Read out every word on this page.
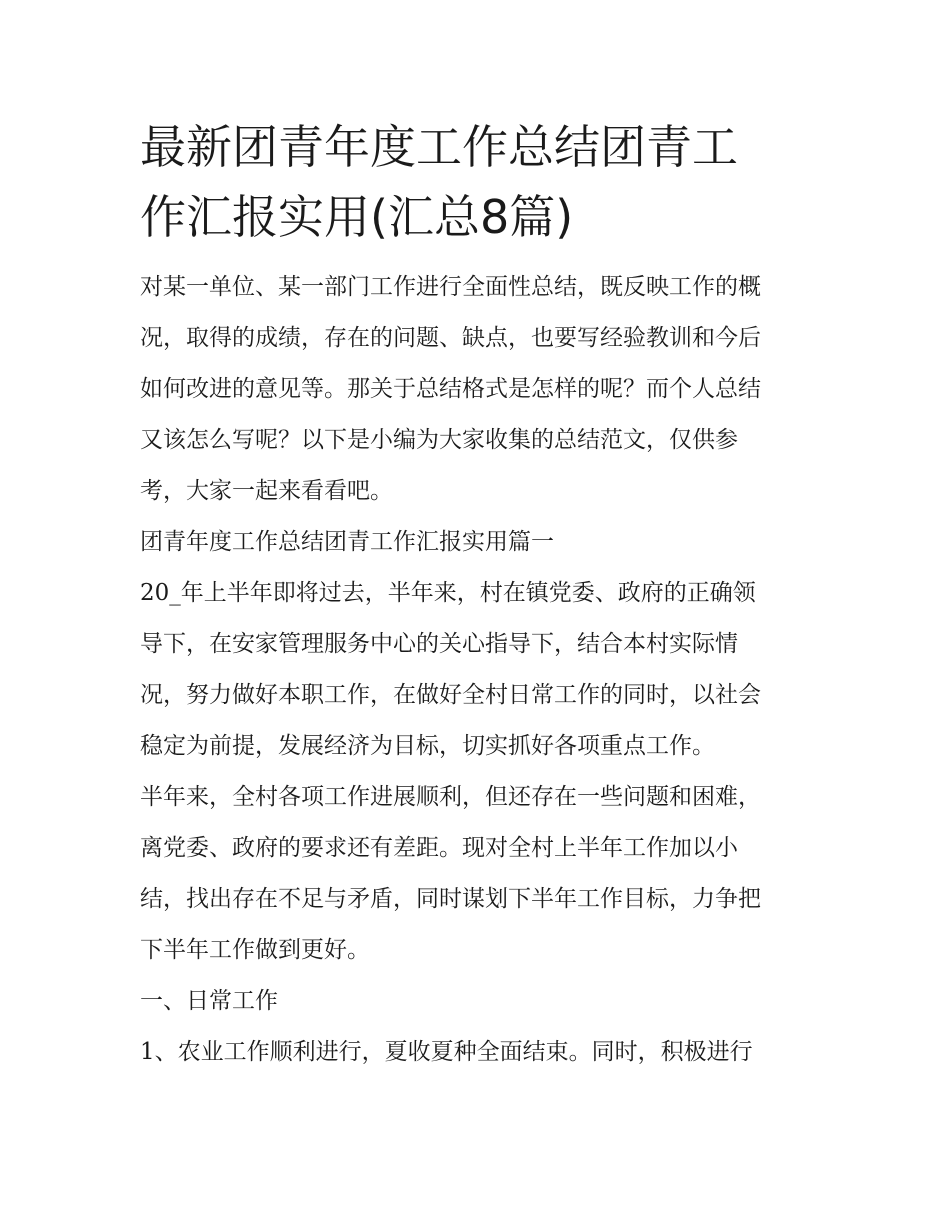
最新团青年度工作总结团青工
作汇报实用(汇总8篇)

对某一单位、某一部门工作进行全面性总结，既反映工作的概

况，取得的成绩，存在的问题、缺点，也要写经验教训和今后

如何改进的意见等。那关于总结格式是怎样的呢？而个人总结

又该怎么写呢？以下是小编为大家收集的总结范文，仅供参

考，大家一起来看看吧。

团青年度工作总结团青工作汇报实用篇一

20_年上半年即将过去，半年来，村在镇党委、政府的正确领

导下，在安家管理服务中心的关心指导下，结合本村实际情

况，努力做好本职工作，在做好全村日常工作的同时，以社会

稳定为前提，发展经济为目标，切实抓好各项重点工作。

半年来，全村各项工作进展顺利，但还存在一些问题和困难，

离党委、政府的要求还有差距。现对全村上半年工作加以小

结，找出存在不足与矛盾，同时谋划下半年工作目标，力争把

下半年工作做到更好。

一、日常工作

1、农业工作顺利进行，夏收夏种全面结束。同时，积极进行
